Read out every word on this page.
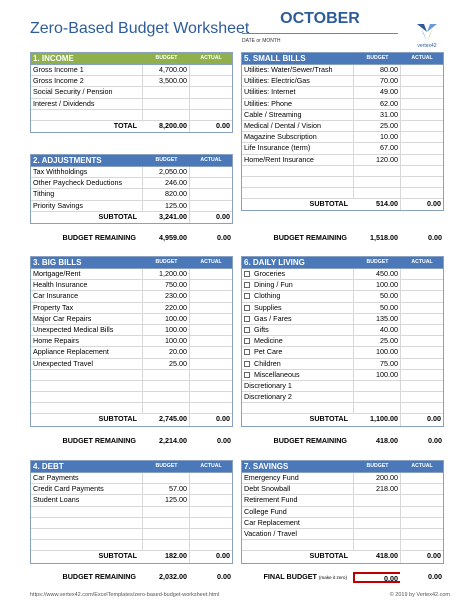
Zero-Based Budget Worksheet
OCTOBER
DATE or MONTH
vertex42
1. INCOME	BUDGET	ACTUAL
Gross Income 1	4,700.00
Gross Income 2	3,500.00
Social Security / Pension
Interest / Dividends
TOTAL	8,200.00	0.00
2. ADJUSTMENTS	BUDGET	ACTUAL
Tax Withholdings	2,050.00
Other Paycheck Deductions	246.00
Tithing	820.00
Priority Savings	125.00
SUBTOTAL	3,241.00	0.00
BUDGET REMAINING	4,959.00	0.00
3. BIG BILLS	BUDGET	ACTUAL
Mortgage/Rent	1,200.00
Health Insurance	750.00
Car Insurance	230.00
Property Tax	220.00
Major Car Repairs	100.00
Unexpected Medical Bills	100.00
Home Repairs	100.00
Appliance Replacement	20.00
Unexpected Travel	25.00
SUBTOTAL	2,745.00	0.00
BUDGET REMAINING	2,214.00	0.00
4. DEBT	BUDGET	ACTUAL
Car Payments
Credit Card Payments	57.00
Student Loans	125.00
SUBTOTAL	182.00	0.00
BUDGET REMAINING	2,032.00	0.00
5. SMALL BILLS	BUDGET	ACTUAL
Utilities: Water/Sewer/Trash	80.00
Utilities: Electric/Gas	70.00
Utilities: Internet	49.00
Utilities: Phone	62.00
Cable / Streaming	31.00
Medical / Dental / Vision	25.00
Magazine Subscription	10.00
Life Insurance (term)	67.00
Home/Rent Insurance	120.00
SUBTOTAL	514.00	0.00
BUDGET REMAINING	1,518.00	0.00
6. DAILY LIVING	BUDGET	ACTUAL
Groceries	450.00
Dining / Fun	100.00
Clothing	50.00
Supplies	50.00
Gas / Fares	135.00
Gifts	40.00
Medicine	25.00
Pet Care	100.00
Children	75.00
Miscellaneous	100.00
Discretionary 1
Discretionary 2
SUBTOTAL	1,100.00	0.00
BUDGET REMAINING	418.00	0.00
7. SAVINGS	BUDGET	ACTUAL
Emergency Fund	200.00
Debt Snowball	218.00
Retirement Fund
College Fund
Car Replacement
Vacation / Travel
SUBTOTAL	418.00	0.00
FINAL BUDGET (make it zero)	0.00	0.00
https://www.vertex42.com/ExcelTemplates/zero-based-budget-worksheet.html	© 2019 by Vertex42.com
